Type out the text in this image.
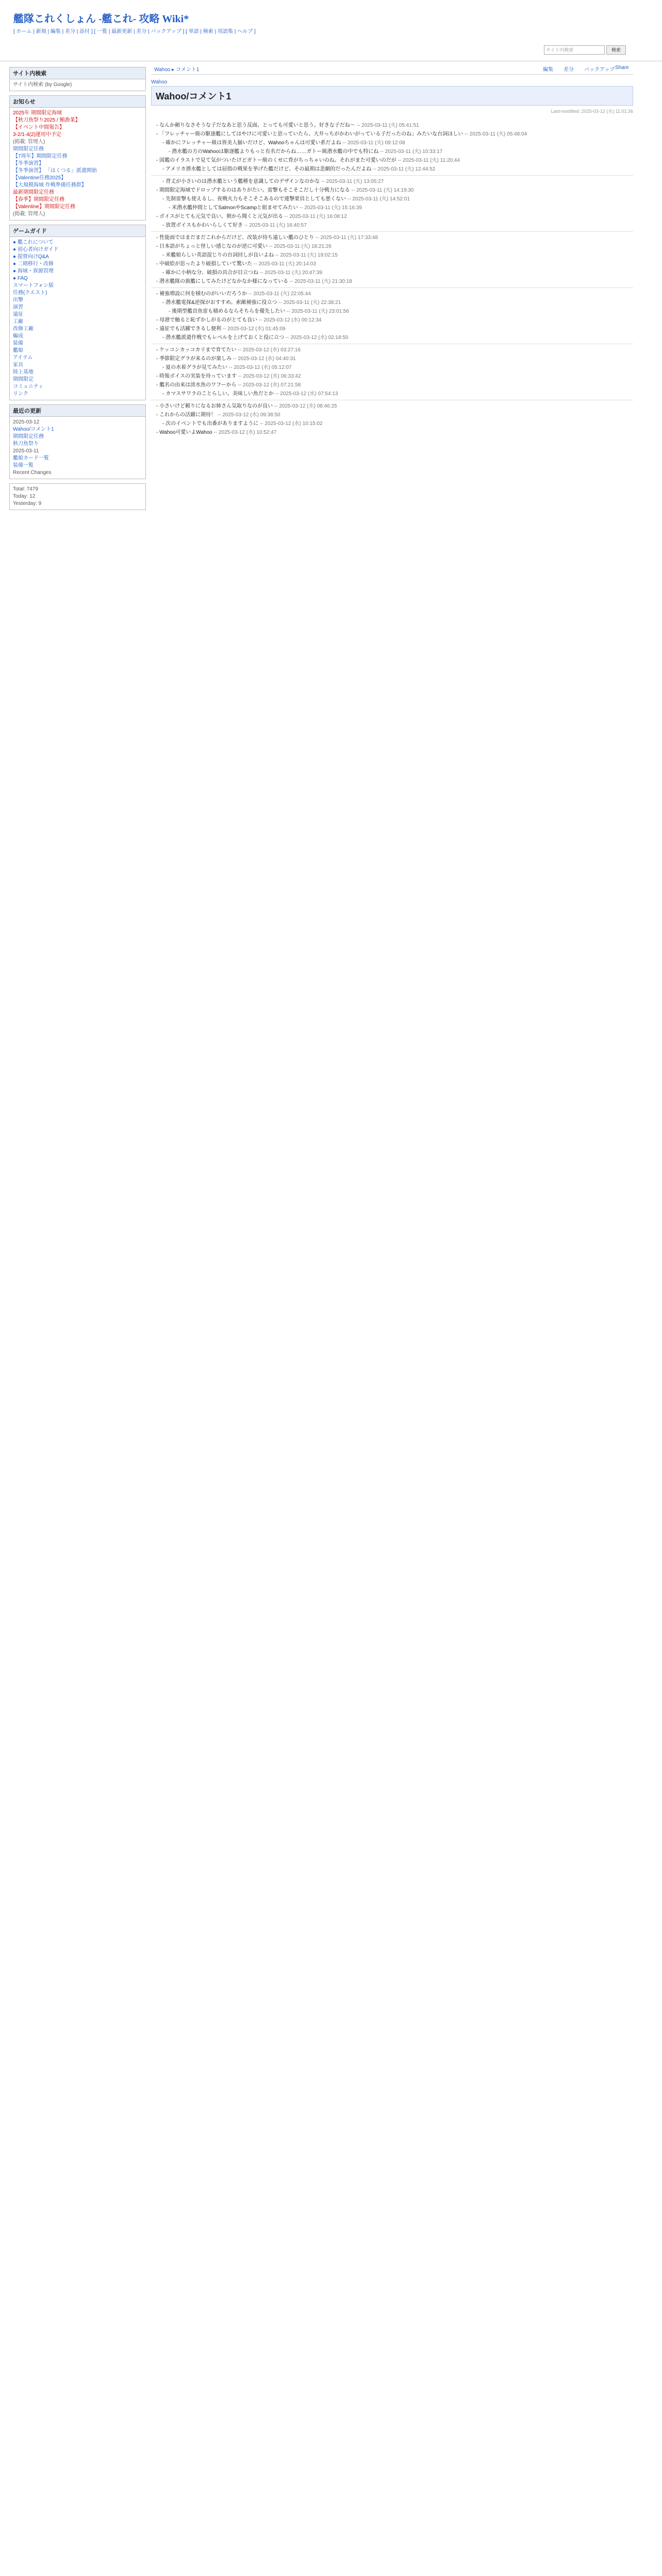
艦隊これくしょん -艦これ- 攻略 Wiki*
[ ホーム | 新規 | 編集 | 差分 | 添付 ] [ 一覧 | 最新更新 | 差分 | バックアップ ] [ 単語 | 検索 | 用語集 | ヘルプ ]
サイト内検索	検索
Wahoo ▸ コメント1	編集 差分 バックアップ Share
サイト内検索
サイト内検索 (by Google)
お知らせ
2025年 期間限定海域
【秋刀魚祭り2025 / 鮪漁業】
【イベント中間報告】
3-2/1-4(2)運用中予定
(掲載: 管理人)
期間限定任務
【7周年】期間限定任務
【冬季演習】
【冬季演習】 「はくつる」派遣開始
【Valentine任務2025】
【大規模海域 作戦準備任務群】
最新期間限定任務
【春季】期間限定任務
【Valentine】期間限定任務
(掲載: 管理人)
ゲームガイド
● 艦これについて
● 初心者向けガイド
● 提督向けQ&A
● 二期移行・改修
● 海域・資源管理
● FAQ
スマートフォン版
任務(クエスト)
出撃
演習
遠征
工廠
改修工廠
編成
装備
艦娘
アイテム
家具
陸上基地
期間限定
コミュニティ
リンク
最近の更新
2025-03-12
Wahoo/コメント1
期間限定任務
秋刀魚祭り
2025-03-11
艦娘カード一覧
装備一覧
Recent Changes
Total: 7479
Today: 12
Yesterday: 9
Wahoo
Wahoo/コメント1
Last-modified: 2025-03-12 (水) 11:01:36
- なんか頼りなさそうな子だなあと思う反面、とっても可愛いと思う。好きな子だね〜 -- 2025-03-11 (火) 05:41:51
- 「フレッチャー級の駆逐艦にしてはやけに可愛いと思っていたら、大井っちがかわいがっている子だったのね」みたいな台詞ほしい -- 2025-03-11 (火) 05:48:04
- 確かにフレッチャー級は皆美人揃いだけど、Wahooちゃんは可愛い系だよね -- 2025-03-11 (火) 09:12:08
- 潜水艦の方のWahooは駆逐艦よりもっと有名だからね……ガトー級潜水艦の中でも特にね -- 2025-03-11 (火) 10:33:17
- 図鑑のイラストで見て気がついたけどガトー級のくせに背がちっちゃいのね。それがまた可愛いのだが -- 2025-03-11 (火) 11:20:44
- アメリカ潜水艦としては屈指の戦果を挙げた艦だけど、その最期は悲劇的だったんだよね -- 2025-03-11 (火) 12:44:52
- 背丈が小さいのは潜水艦という艦種を意識してのデザインなのかな -- 2025-03-11 (火) 13:05:27
- 期間限定海域でドロップするのはありがたい。雷撃もそこそこだし十分戦力になる -- 2025-03-11 (火) 14:19:30
- 先制雷撃も使えるし、夜戦火力もそこそこあるので連撃要員としても悪くない -- 2025-03-11 (火) 14:52:01
- 米潜水艦仲間としてSalmonやScampと組ませてみたい -- 2025-03-11 (火) 15:16:39
- ボイスがとても元気で良い。朝から聞くと元気が出る -- 2025-03-11 (火) 16:08:12
- 放置ボイスもかわいらしくて好き -- 2025-03-11 (火) 16:40:57
- 性能面ではまだまだこれからだけど、改装が待ち遠しい艦のひとり -- 2025-03-11 (火) 17:33:48
- 日本語がちょっと怪しい感じなのが逆に可愛い -- 2025-03-11 (火) 18:21:26
- 米艦娘らしい英語混じりの台詞回しが良いよね -- 2025-03-11 (火) 19:02:15
- 中破絵が思ったより破損していて驚いた -- 2025-03-11 (火) 20:14:03
- 確かに小柄な分、破損の具合が目立つね -- 2025-03-11 (火) 20:47:39
- 潜水艦隊の旗艦にしてみたけどなかなか様になっている -- 2025-03-11 (火) 21:30:18
- 補強増設に何を積むのがいいだろうか -- 2025-03-11 (火) 22:05:44
- 潜水艦電探&逆探がおすすめ。索敵補強に役立つ -- 2025-03-11 (火) 22:38:21
- 後期型艦首魚雷も積めるならそちらを優先したい -- 2025-03-11 (火) 23:01:56
- 母港で触ると恥ずかしがるのがとても良い -- 2025-03-12 (水) 00:12:34
- 遠征でも活躍できるし便利 -- 2025-03-12 (水) 01:45:09
- 潜水艦派遣作戦でもレベルを上げておくと役に立つ -- 2025-03-12 (水) 02:18:50
- ケッコンカッコカリまで育てたい -- 2025-03-12 (水) 03:27:16
- 季節限定グラが来るのが楽しみ -- 2025-03-12 (水) 04:40:31
- 夏の水着グラが見てみたい -- 2025-03-12 (水) 05:12:07
- 時報ボイスの実装を待っています -- 2025-03-12 (水) 06:33:42
- 艦名の由来は淡水魚のワフーから -- 2025-03-12 (水) 07:21:58
- カマスサワラのことらしい。美味しい魚だとか -- 2025-03-12 (水) 07:54:13
- 小さいけど頼りになるお姉さん気取りなのが良い -- 2025-03-12 (水) 08:46:25
- これからの活躍に期待！ -- 2025-03-12 (水) 09:38:50
- 次のイベントでも出番がありますように -- 2025-03-12 (水) 10:15:02
- Wahoo可愛いよWahoo -- 2025-03-12 (水) 10:52:47
